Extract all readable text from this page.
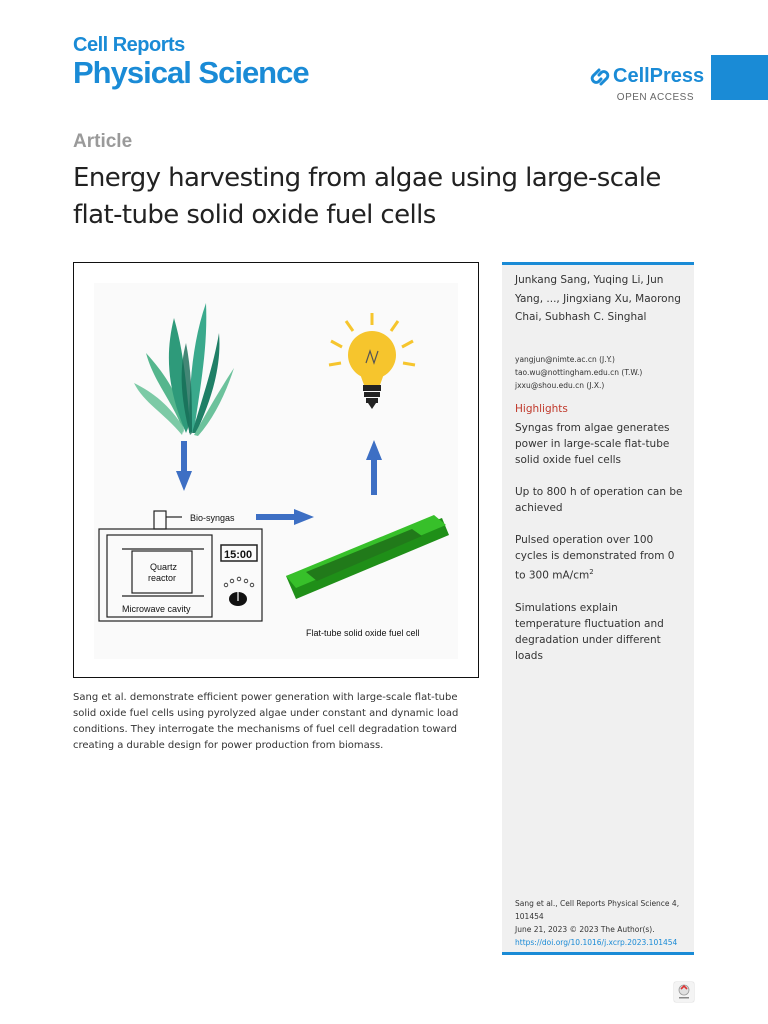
Cell Reports
Physical Science	CellPress
OPEN ACCESS
Article
Energy harvesting from algae using large-scale flat-tube solid oxide fuel cells
Bio-syngas
15:00
Quartz
reactor
Microwave cavity
Flat-tube solid oxide fuel cell

Sang et al. demonstrate efficient power generation with large-scale flat-tube solid oxide fuel cells using pyrolyzed algae under constant and dynamic load conditions. They interrogate the mechanisms of fuel cell degradation toward creating a durable design for power production from biomass.

Junkang Sang, Yuqing Li, Jun Yang, ..., Jingxiang Xu, Maorong Chai, Subhash C. Singhal
yangjun@nimte.ac.cn (J.Y.)
tao.wu@nottingham.edu.cn (T.W.)
jxxu@shou.edu.cn (J.X.)
Highlights
Syngas from algae generates power in large-scale flat-tube solid oxide fuel cells
Up to 800 h of operation can be achieved
Pulsed operation over 100 cycles is demonstrated from 0 to 300 $mA/cm^2$
Simulations explain temperature fluctuation and degradation under different loads
Sang et al., Cell Reports Physical Science 4, 101454
June 21, 2023 © 2023 The Author(s).
https://doi.org/10.1016/j.xcrp.2023.101454
